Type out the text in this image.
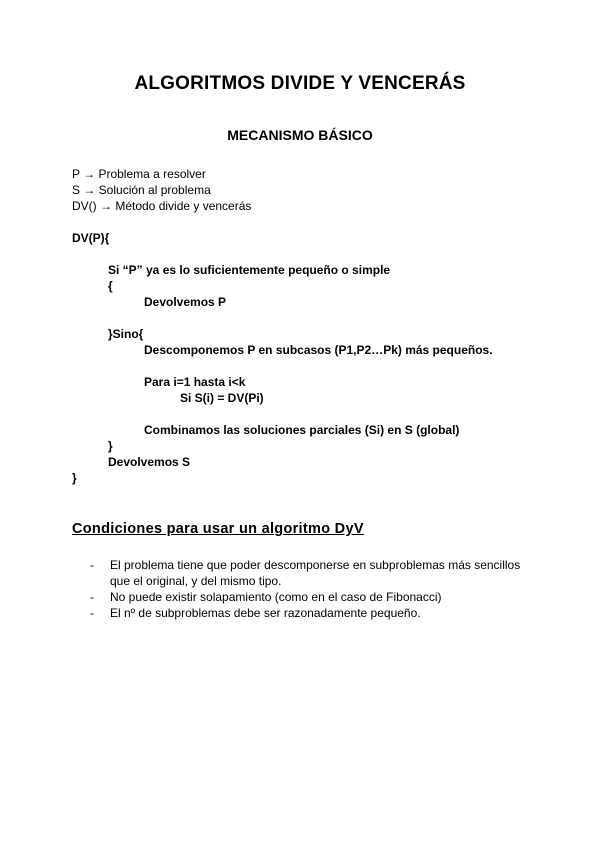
ALGORITMOS DIVIDE Y VENCERÁS
MECANISMO BÁSICO
P → Problema a resolver
S → Solución al problema
DV() → Método divide y vencerás
DV(P){
Si “P” ya es lo suficientemente pequeño o simple
{
Devolvemos P
}Sino{
Descomponemos P en subcasos (P1,P2…Pk) más pequeños.
Para i=1 hasta i<k
Si S(i) = DV(Pi)
Combinamos las soluciones parciales (Si) en S (global)
}
Devolvemos S
}
Condiciones para usar un algoritmo DyV
- El problema tiene que poder descomponerse en subproblemas más sencillos que el original, y del mismo tipo.
- No puede existir solapamiento (como en el caso de Fibonacci)
- El nº de subproblemas debe ser razonadamente pequeño.
